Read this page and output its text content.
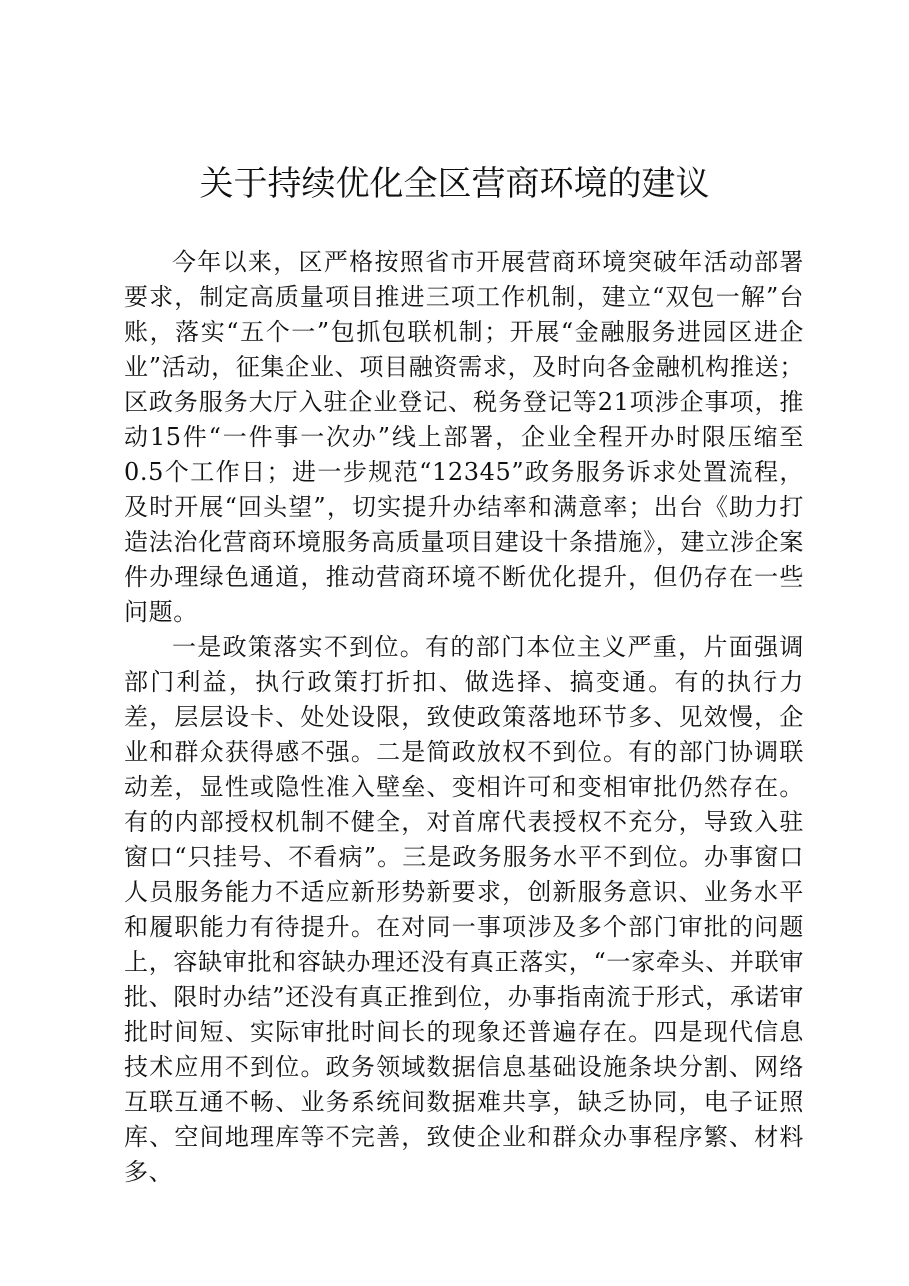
关于持续优化全区营商环境的建议

今年以来，区严格按照省市开展营商环境突破年活动部署要求，制定高质量项目推进三项工作机制，建立“双包一解”台账，落实“五个一”包抓包联机制；开展“金融服务进园区进企业”活动，征集企业、项目融资需求，及时向各金融机构推送；区政务服务大厅入驻企业登记、税务登记等21项涉企事项，推动15件“一件事一次办”线上部署，企业全程开办时限压缩至0.5个工作日；进一步规范“12345”政务服务诉求处置流程，及时开展“回头望”，切实提升办结率和满意率；出台《助力打造法治化营商环境服务高质量项目建设十条措施》，建立涉企案件办理绿色通道，推动营商环境不断优化提升，但仍存在一些问题。

一是政策落实不到位。有的部门本位主义严重，片面强调部门利益，执行政策打折扣、做选择、搞变通。有的执行力差，层层设卡、处处设限，致使政策落地环节多、见效慢，企业和群众获得感不强。二是简政放权不到位。有的部门协调联动差，显性或隐性准入壁垒、变相许可和变相审批仍然存在。有的内部授权机制不健全，对首席代表授权不充分，导致入驻窗口“只挂号、不看病”。三是政务服务水平不到位。办事窗口人员服务能力不适应新形势新要求，创新服务意识、业务水平和履职能力有待提升。在对同一事项涉及多个部门审批的问题上，容缺审批和容缺办理还没有真正落实，“一家牵头、并联审批、限时办结”还没有真正推到位，办事指南流于形式，承诺审批时间短、实际审批时间长的现象还普遍存在。四是现代信息技术应用不到位。政务领域数据信息基础设施条块分割、网络互联互通不畅、业务系统间数据难共享，缺乏协同，电子证照库、空间地理库等不完善，致使企业和群众办事程序繁、材料多、
